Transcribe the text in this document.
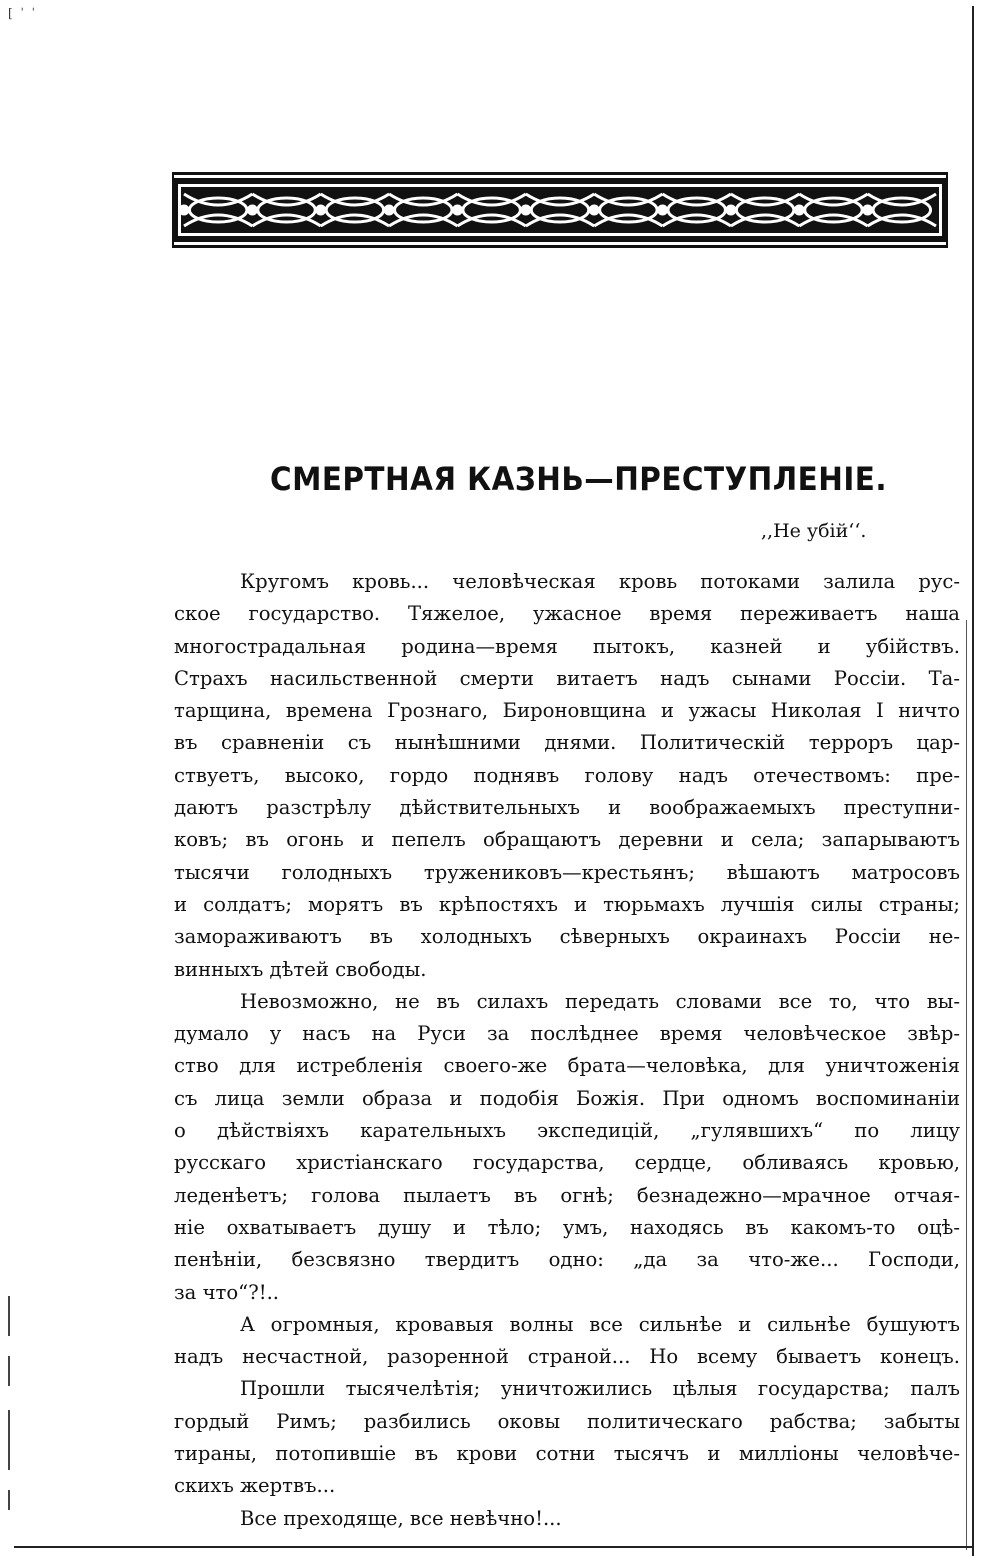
[ ˈ ˈ
СМЕРТНАЯ КАЗНЬ—ПРЕСТУПЛЕНІЕ.
,,Не убій‘‘.
Кругомъ кровь... человѣческая кровь потоками залила рус-
ское государство. Тяжелое, ужасное время переживаетъ наша
многострадальная родина—время пытокъ, казней и убійствъ.
Страхъ насильственной смерти витаетъ надъ сынами Россіи. Та-
тарщина, времена Грознаго, Бироновщина и ужасы Николая I ничто
въ сравненіи съ нынѣшними днями. Политическій терроръ цар-
ствуетъ, высоко, гордо поднявъ голову надъ отечествомъ: пре-
даютъ разстрѣлу дѣйствительныхъ и воображаемыхъ преступни-
ковъ; въ огонь и пепелъ обращаютъ деревни и села; запарываютъ
тысячи голодныхъ тружениковъ—крестьянъ; вѣшаютъ матросовъ
и солдатъ; морятъ въ крѣпостяхъ и тюрьмахъ лучшія силы страны;
замораживаютъ въ холодныхъ сѣверныхъ окраинахъ Россіи не-
винныхъ дѣтей свободы.
Невозможно, не въ силахъ передать словами все то, что вы-
думало у насъ на Руси за послѣднее время человѣческое звѣр-
ство для истребленія своего-же брата—человѣка, для уничтоженія
съ лица земли образа и подобія Божія. При одномъ воспоминаніи
о дѣйствіяхъ карательныхъ экспедицій, „гулявшихъ“ по лицу
русскаго христіанскаго государства, сердце, обливаясь кровью,
леденѣетъ; голова пылаетъ въ огнѣ; безнадежно—мрачное отчая-
ніе охватываетъ душу и тѣло; умъ, находясь въ какомъ-то оцѣ-
пенѣніи, безсвязно твердитъ одно: „да за что-же... Господи,
за что“?!..
А огромныя, кровавыя волны все сильнѣе и сильнѣе бушуютъ
надъ несчастной, разоренной страной... Но всему бываетъ конецъ.
Прошли тысячелѣтія; уничтожились цѣлыя государства; палъ
гордый Римъ; разбились оковы политическаго рабства; забыты
тираны, потопившіе въ крови сотни тысячъ и милліоны человѣче-
скихъ жертвъ...
Все преходяще, все невѣчно!...
